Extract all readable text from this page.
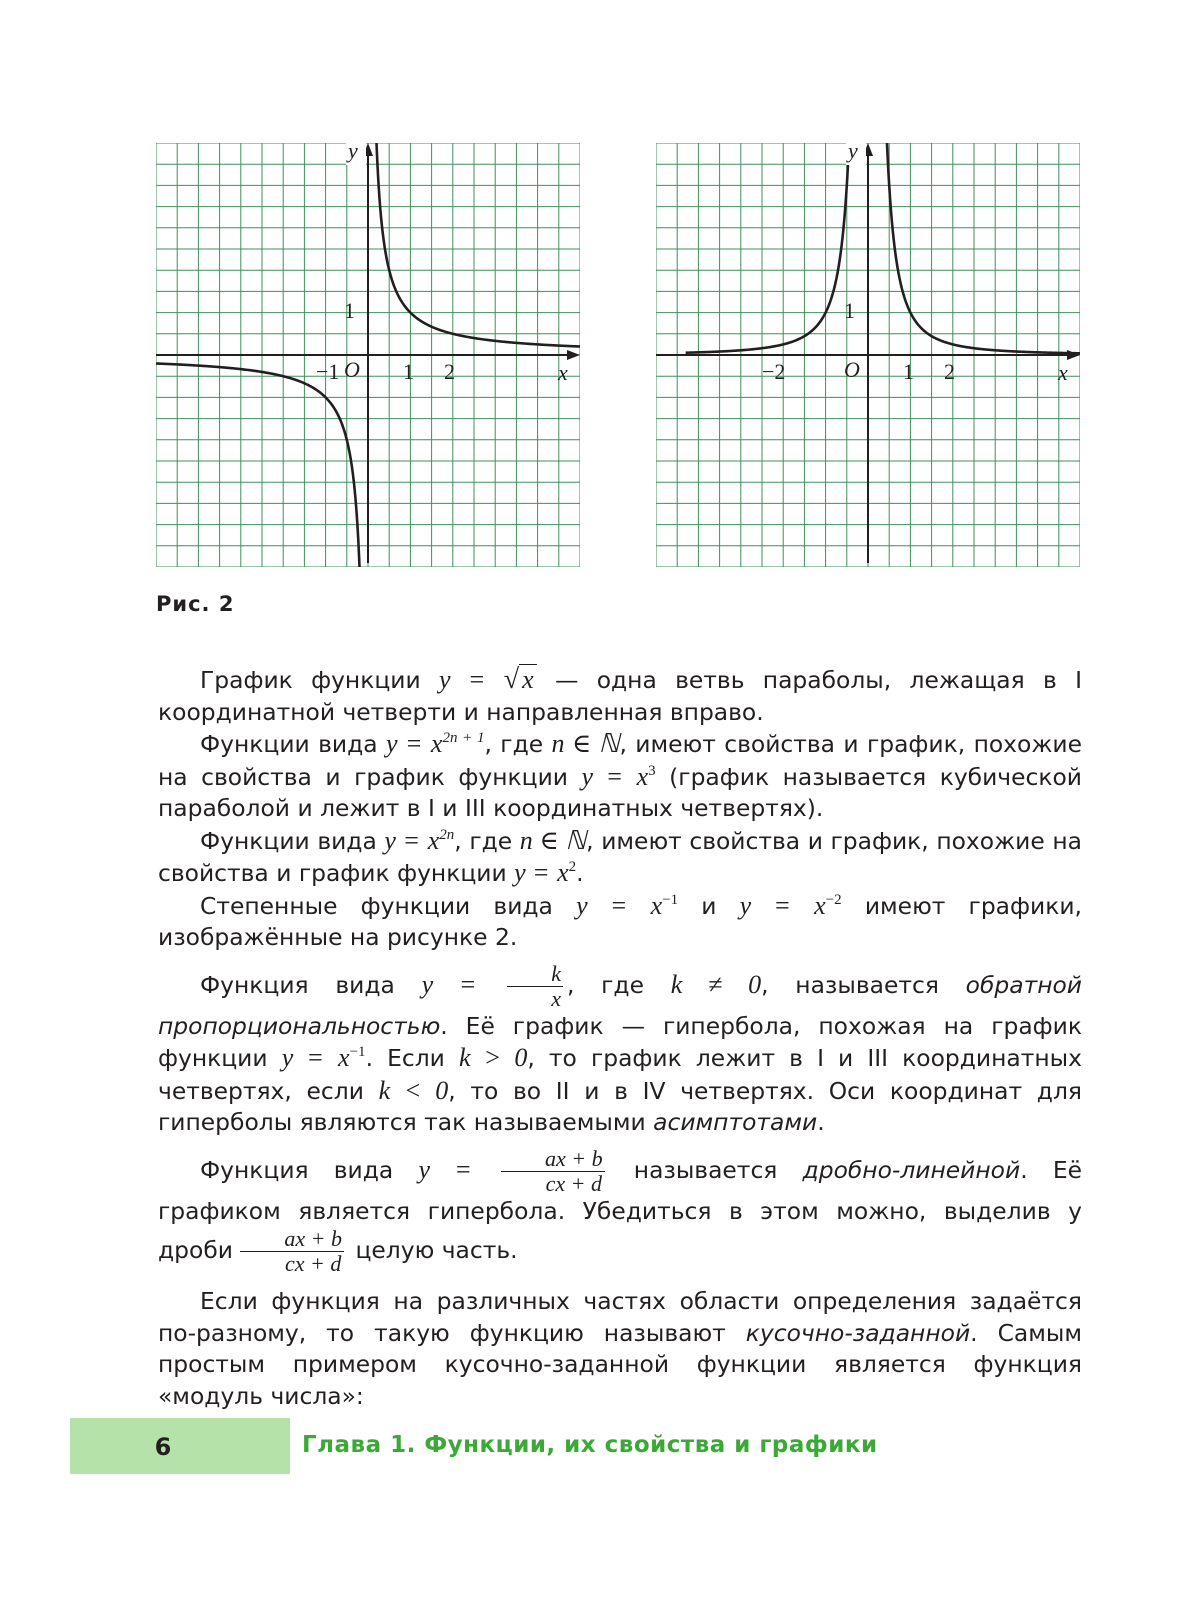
y
x
O
−1	1 2
1
y
x
O
−2	1 2
1
Рис. 2

График функции y = √ x — одна ветвь параболы, лежащая в I координатной четверти и направленная вправо.

Функции вида $y = x^{2n + 1}$, где n ∈ ℕ, имеют свойства и график, похожие на свойства и график функции $y = x^3$ (график называется кубической параболой и лежит в I и III координатных четвертях).

Функции вида $y = x^{2n}$, где n ∈ ℕ, имеют свойства и график, похожие на свойства и график функции $y = x^2$.

Степенные функции вида $y = x^{-1}$ и $y = x^{-2}$ имеют графики, изображённые на рисунке 2.

Функция вида $y = \frac{k}{x}$ , где k ≠ 0, называется обратной пропорциональностью. Её график — гипербола, похожая на график функции $y = x^{-1}$. Если k > 0, то график лежит в I и III координатных четвертях, если k < 0, то во II и в IV четвертях. Оси координат для гиперболы являются так называемыми асимптотами.

Функция вида $y = \frac{ax + b}{cx + d}$ называется дробно-линейной. Её графиком является гипербола. Убедиться в этом можно, выделив у дроби $\frac{ax + b}{cx + d}$ целую часть.

Если функция на различных частях области определения задаётся по-разному, то такую функцию называют кусочно-заданной. Самым простым примером кусочно-заданной функции является функция «модуль числа»:

6	Глава 1. Функции, их свойства и графики
